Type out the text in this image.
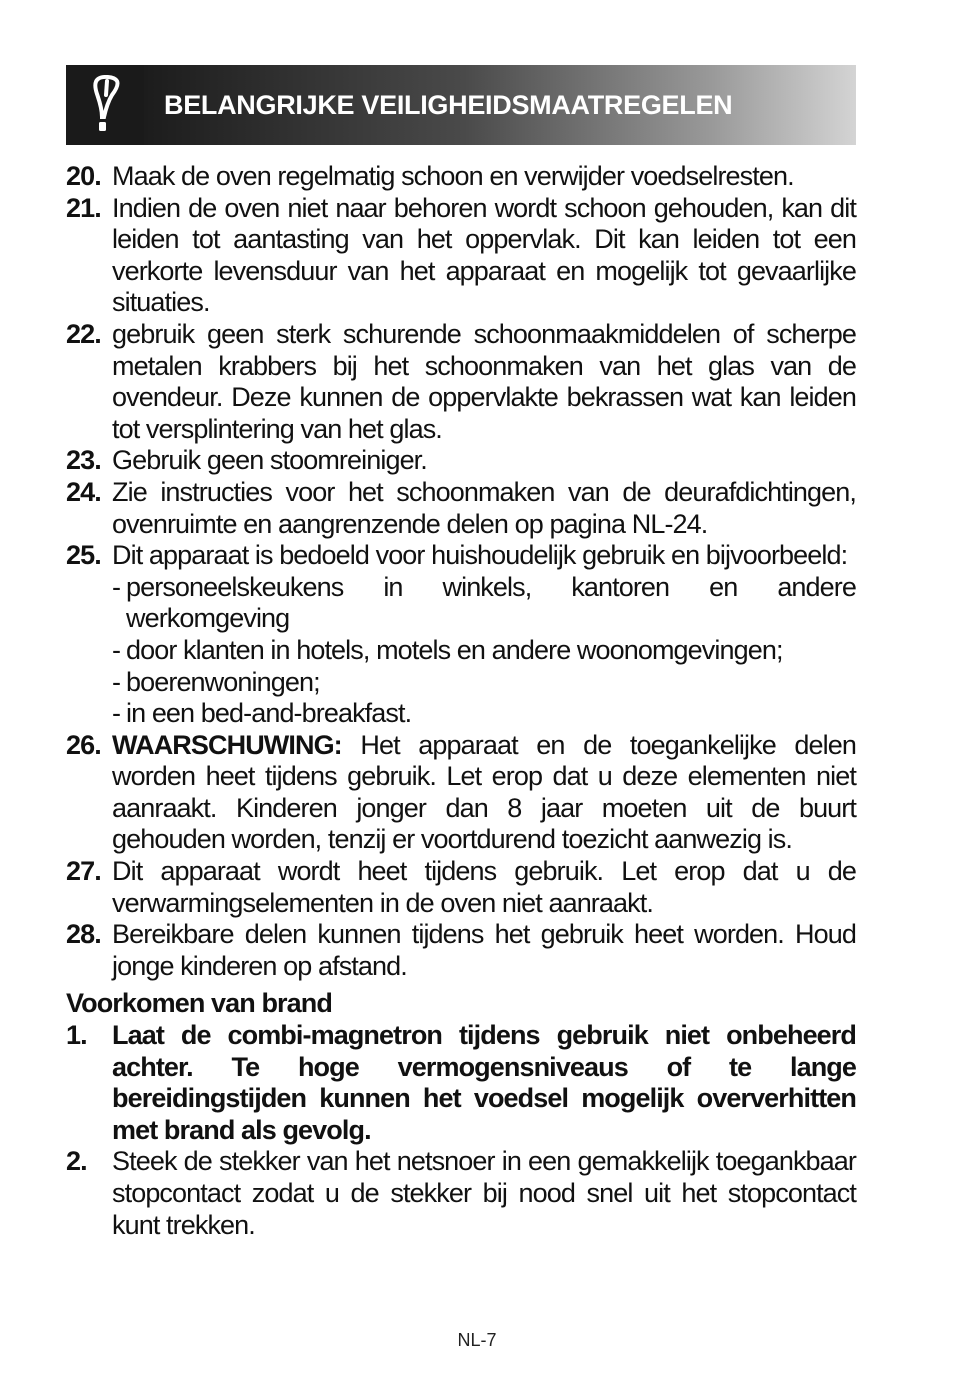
BELANGRIJKE VEILIGHEIDSMAATREGELEN
20. Maak de oven regelmatig schoon en verwijder voedselresten.
21. Indien de oven niet naar behoren wordt schoon gehouden, kan dit leiden tot aantasting van het oppervlak. Dit kan leiden tot een verkorte levensduur van het apparaat en mogelijk tot gevaarlijke situaties.
22. gebruik geen sterk schurende schoonmaakmiddelen of scherpe metalen krabbers bij het schoonmaken van het glas van de ovendeur. Deze kunnen de oppervlakte bekrassen wat kan leiden tot versplintering van het glas.
23. Gebruik geen stoomreiniger.
24. Zie instructies voor het schoonmaken van de deurafdichtingen, ovenruimte en aangrenzende delen op pagina NL-24.
25. Dit apparaat is bedoeld voor huishoudelijk gebruik en bijvoorbeeld:
- personeelskeukens in winkels, kantoren en andere werkomgeving
- door klanten in hotels, motels en andere woonomgevingen;
- boerenwoningen;
- in een bed-and-breakfast.
26. WAARSCHUWING: Het apparaat en de toegankelijke delen worden heet tijdens gebruik. Let erop dat u deze elementen niet aanraakt. Kinderen jonger dan 8 jaar moeten uit de buurt gehouden worden, tenzij er voortdurend toezicht aanwezig is.
27. Dit apparaat wordt heet tijdens gebruik. Let erop dat u de verwarmingselementen in de oven niet aanraakt.
28. Bereikbare delen kunnen tijdens het gebruik heet worden. Houd jonge kinderen op afstand.
Voorkomen van brand
1. Laat de combi-magnetron tijdens gebruik niet onbeheerd achter. Te hoge vermogensniveaus of te lange bereidingstijden kunnen het voedsel mogelijk oververhitten met brand als gevolg.
2. Steek de stekker van het netsnoer in een gemakkelijk toegankbaar stopcontact zodat u de stekker bij nood snel uit het stopcontact kunt trekken.
NL-7
